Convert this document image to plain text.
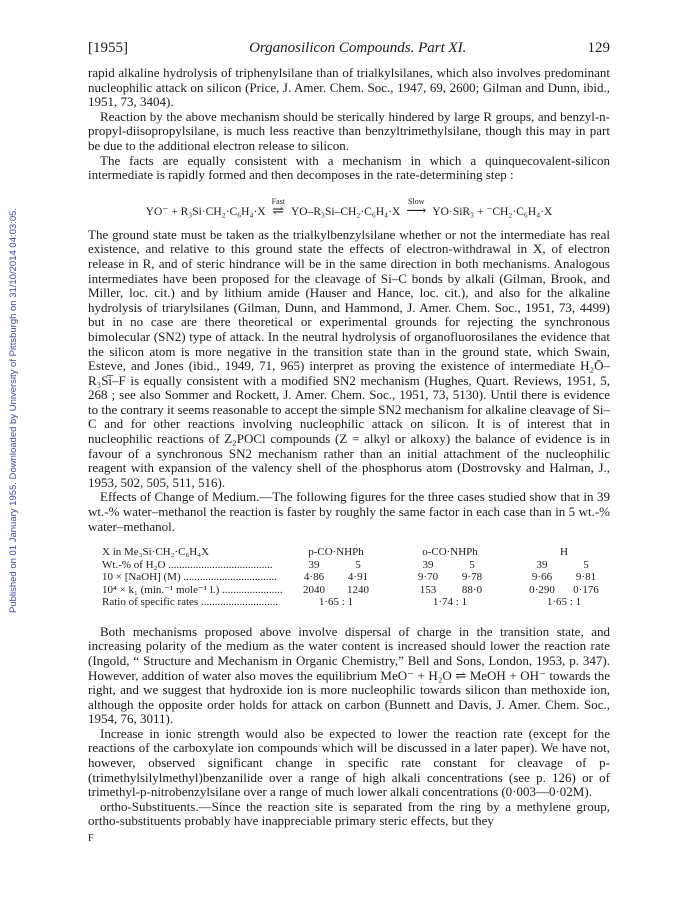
Published on 01 January 1955. Downloaded by University of Pittsburgh on 31/10/2014 04:03:05.
[1955]	Organosilicon Compounds. Part XI.	129

rapid alkaline hydrolysis of triphenylsilane than of trialkylsilanes, which also involves predominant nucleophilic attack on silicon (Price, J. Amer. Chem. Soc., 1947, 69, 2600; Gilman and Dunn, ibid., 1951, 73, 3404).

Reaction by the above mechanism should be sterically hindered by large R groups, and benzyl-n-propyl-diisopropylsilane, is much less reactive than benzyltrimethylsilane, though this may in part be due to the additional electron release to silicon.

The facts are equally consistent with a mechanism in which a quinquecovalent-silicon intermediate is rapidly formed and then decomposes in the rate-determining step :

YO⁻ + R₃Si·CH₂·C₆H₄·X
Fast
⇌ YO–R₃Si–CH₂·C₆H₄·X
Slow
⟶ YO·SiR₃ + ⁻CH₂·C₆H₄·X

The ground state must be taken as the trialkylbenzylsilane whether or not the intermediate has real existence, and relative to this ground state the effects of electron-withdrawal in X, of electron release in R, and of steric hindrance will be in the same direction in both mechanisms. Analogous intermediates have been proposed for the cleavage of Si–C bonds by alkali (Gilman, Brook, and Miller, loc. cit.) and by lithium amide (Hauser and Hance, loc. cit.), and also for the alkaline hydrolysis of triarylsilanes (Gilman, Dunn, and Hammond, J. Amer. Chem. Soc., 1951, 73, 4499) but in no case are there theoretical or experimental grounds for rejecting the synchronous bimolecular (SN2) type of attack. In the neutral hydrolysis of organofluorosilanes the evidence that the silicon atom is more negative in the transition state than in the ground state, which Swain, Esteve, and Jones (ibid., 1949, 71, 965) interpret as proving the existence of intermediate H₂Ō–R₃Si̅–F is equally consistent with a modified SN2 mechanism (Hughes, Quart. Reviews, 1951, 5, 268 ; see also Sommer and Rockett, J. Amer. Chem. Soc., 1951, 73, 5130). Until there is evidence to the contrary it seems reasonable to accept the simple SN2 mechanism for alkaline cleavage of Si–C and for other reactions involving nucleophilic attack on silicon. It is of interest that in nucleophilic reactions of Z₂POCl compounds (Z = alkyl or alkoxy) the balance of evidence is in favour of a synchronous SN2 mechanism rather than an initial attachment of the nucleophilic reagent with expansion of the valency shell of the phosphorus atom (Dostrovsky and Halman, J., 1953, 502, 505, 511, 516).

Effects of Change of Medium.—The following figures for the three cases studied show that in 39 wt.-% water–methanol the reaction is faster by roughly the same factor in each case than in 5 wt.-% water–methanol.

X in Me₃Si·CH₂·C₆H₄X	p-CO·NHPh			o-CO·NHPh			H	
Wt.-% of H₂O ......................................	39	5		39	5		39	5
10 × [NaOH] (M) ..................................	4·86	4·91		9·70	9·78		9·66	9·81
10⁴ × k₁ (min.⁻¹ mole⁻¹ l.) ......................	2040	1240		153	88·0		0·290	0·176
Ratio of specific rates ............................	1·65 : 1			1·74 : 1			1·65 : 1	

Both mechanisms proposed above involve dispersal of charge in the transition state, and increasing polarity of the medium as the water content is increased should lower the reaction rate (Ingold, “ Structure and Mechanism in Organic Chemistry,” Bell and Sons, London, 1953, p. 347). However, addition of water also moves the equilibrium MeO⁻ + H₂O ⇌ MeOH + OH⁻ towards the right, and we suggest that hydroxide ion is more nucleophilic towards silicon than methoxide ion, although the opposite order holds for attack on carbon (Bunnett and Davis, J. Amer. Chem. Soc., 1954, 76, 3011).

Increase in ionic strength would also be expected to lower the reaction rate (except for the reactions of the carboxylate ion compounds which will be discussed in a later paper). We have not, however, observed significant change in specific rate constant for cleavage of p-(trimethylsilylmethyl)benzanilide over a range of high alkali concentrations (see p. 126) or of trimethyl-p-nitrobenzylsilane over a range of much lower alkali concentrations (0·003—0·02M).

ortho-Substituents.—Since the reaction site is separated from the ring by a methylene group, ortho-substituents probably have inappreciable primary steric effects, but they

F
